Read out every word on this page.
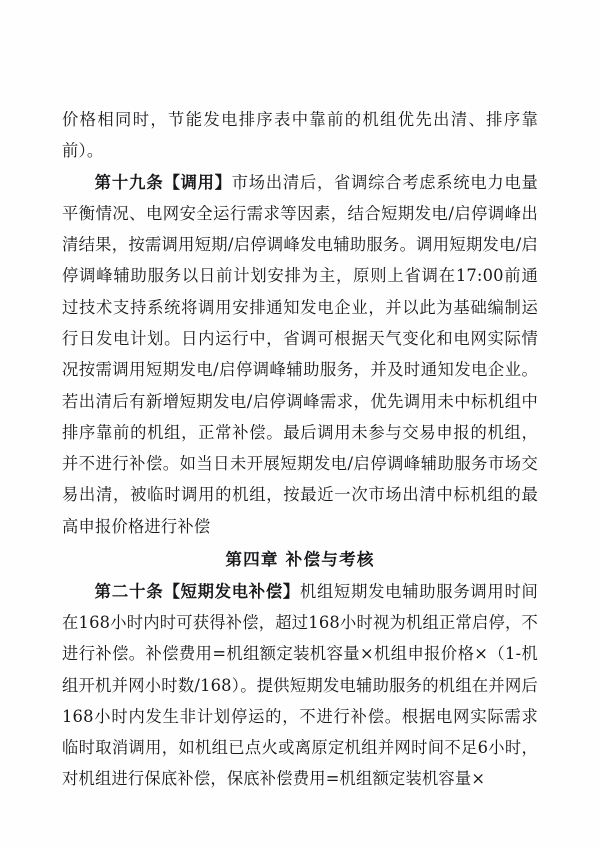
价格相同时，节能发电排序表中靠前的机组优先出清、排序靠前）。

第十九条【调用】市场出清后，省调综合考虑系统电力电量平衡情况、电网安全运行需求等因素，结合短期发电/启停调峰出清结果，按需调用短期/启停调峰发电辅助服务。调用短期发电/启停调峰辅助服务以日前计划安排为主，原则上省调在17:00前通过技术支持系统将调用安排通知发电企业，并以此为基础编制运行日发电计划。日内运行中，省调可根据天气变化和电网实际情况按需调用短期发电/启停调峰辅助服务，并及时通知发电企业。若出清后有新增短期发电/启停调峰需求，优先调用未中标机组中排序靠前的机组，正常补偿。最后调用未参与交易申报的机组，并不进行补偿。如当日未开展短期发电/启停调峰辅助服务市场交易出清，被临时调用的机组，按最近一次市场出清中标机组的最高申报价格进行补偿

第四章 补偿与考核

第二十条【短期发电补偿】机组短期发电辅助服务调用时间在168小时内时可获得补偿，超过168小时视为机组正常启停，不进行补偿。补偿费用=机组额定装机容量×机组申报价格×（1-机组开机并网小时数/168）。提供短期发电辅助服务的机组在并网后168小时内发生非计划停运的，不进行补偿。根据电网实际需求临时取消调用，如机组已点火或离原定机组并网时间不足6小时，对机组进行保底补偿，保底补偿费用=机组额定装机容量×
